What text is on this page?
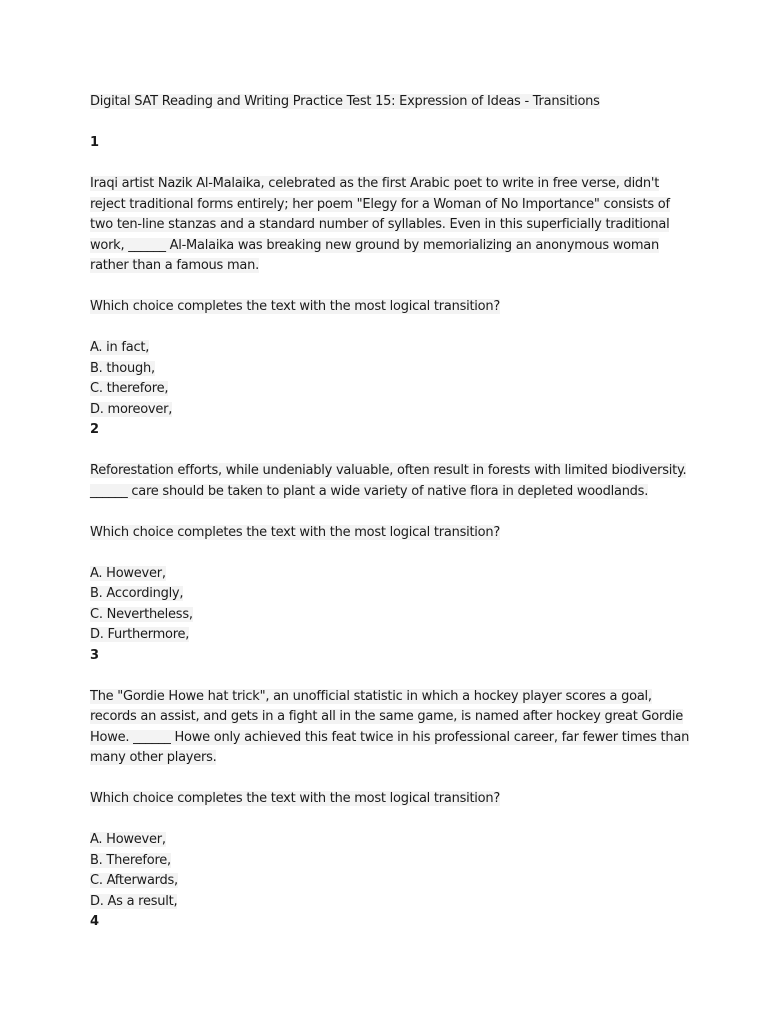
Digital SAT Reading and Writing Practice Test 15: Expression of Ideas - Transitions

1

Iraqi artist Nazik Al-Malaika, celebrated as the first Arabic poet to write in free verse, didn't reject traditional forms entirely; her poem "Elegy for a Woman of No Importance" consists of two ten-line stanzas and a standard number of syllables. Even in this superficially traditional work, ______ Al-Malaika was breaking new ground by memorializing an anonymous woman rather than a famous man.

Which choice completes the text with the most logical transition?

A. in fact,
B. though,
C. therefore,
D. moreover,

2

Reforestation efforts, while undeniably valuable, often result in forests with limited biodiversity. ______ care should be taken to plant a wide variety of native flora in depleted woodlands.

Which choice completes the text with the most logical transition?

A. However,
B. Accordingly,
C. Nevertheless,
D. Furthermore,

3

The "Gordie Howe hat trick", an unofficial statistic in which a hockey player scores a goal, records an assist, and gets in a fight all in the same game, is named after hockey great Gordie Howe. ______ Howe only achieved this feat twice in his professional career, far fewer times than many other players.

Which choice completes the text with the most logical transition?

A. However,
B. Therefore,
C. Afterwards,
D. As a result,

4
